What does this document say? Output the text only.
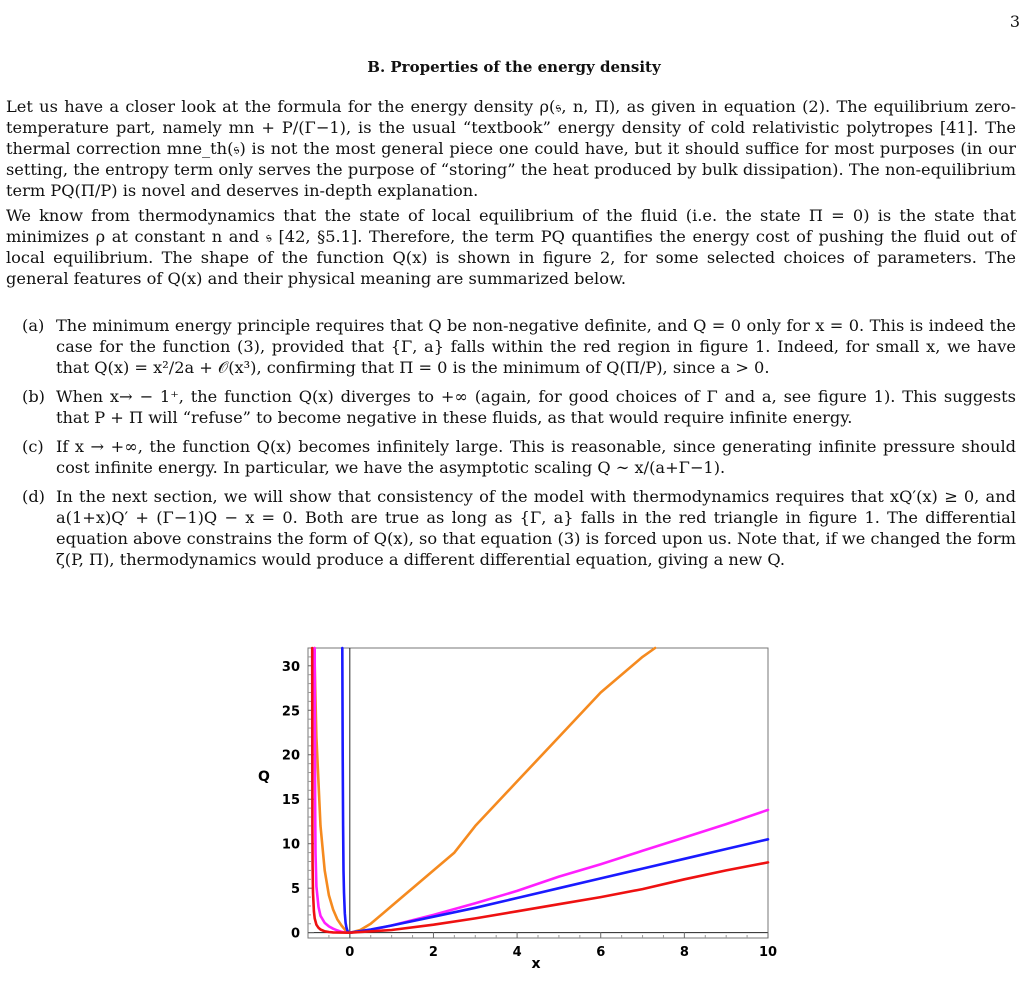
3
B. Properties of the energy density

Let us have a closer look at the formula for the energy density ρ(𝔰, n, Π), as given in equation (2). The equilibrium zero-temperature part, namely mn + P/(Γ−1), is the usual “textbook” energy density of cold relativistic polytropes [41]. The thermal correction mne_th(𝔰) is not the most general piece one could have, but it should suffice for most purposes (in our setting, the entropy term only serves the purpose of “storing” the heat produced by bulk dissipation). The non-equilibrium term PQ(Π/P) is novel and deserves in-depth explanation.

We know from thermodynamics that the state of local equilibrium of the fluid (i.e. the state Π = 0) is the state that minimizes ρ at constant n and 𝔰 [42, §5.1]. Therefore, the term PQ quantifies the energy cost of pushing the fluid out of local equilibrium. The shape of the function Q(x) is shown in figure 2, for some selected choices of parameters. The general features of Q(x) and their physical meaning are summarized below.

(a) The minimum energy principle requires that Q be non-negative definite, and Q = 0 only for x = 0. This is indeed the case for the function (3), provided that {Γ, a} falls within the red region in figure 1. Indeed, for small x, we have that Q(x) = x²/2a + 𝒪(x³), confirming that Π = 0 is the minimum of Q(Π/P), since a > 0.
(b) When x→ − 1⁺, the function Q(x) diverges to +∞ (again, for good choices of Γ and a, see figure 1). This suggests that P + Π will “refuse” to become negative in these fluids, as that would require infinite energy.
(c) If x → +∞, the function Q(x) becomes infinitely large. This is reasonable, since generating infinite pressure should cost infinite energy. In particular, we have the asymptotic scaling Q ∼ x/(a+Γ−1).
(d) In the next section, we will show that consistency of the model with thermodynamics requires that xQ′(x) ≥ 0, and a(1+x)Q′ + (Γ−1)Q − x = 0. Both are true as long as {Γ, a} falls in the red triangle in figure 1. The differential equation above constrains the form of Q(x), so that equation (3) is forced upon us. Note that, if we changed the form ζ(P, Π), thermodynamics would produce a different differential equation, giving a new Q.
0	2	4	6	8	10
0
5
10
15
20
25
30
x
Q
